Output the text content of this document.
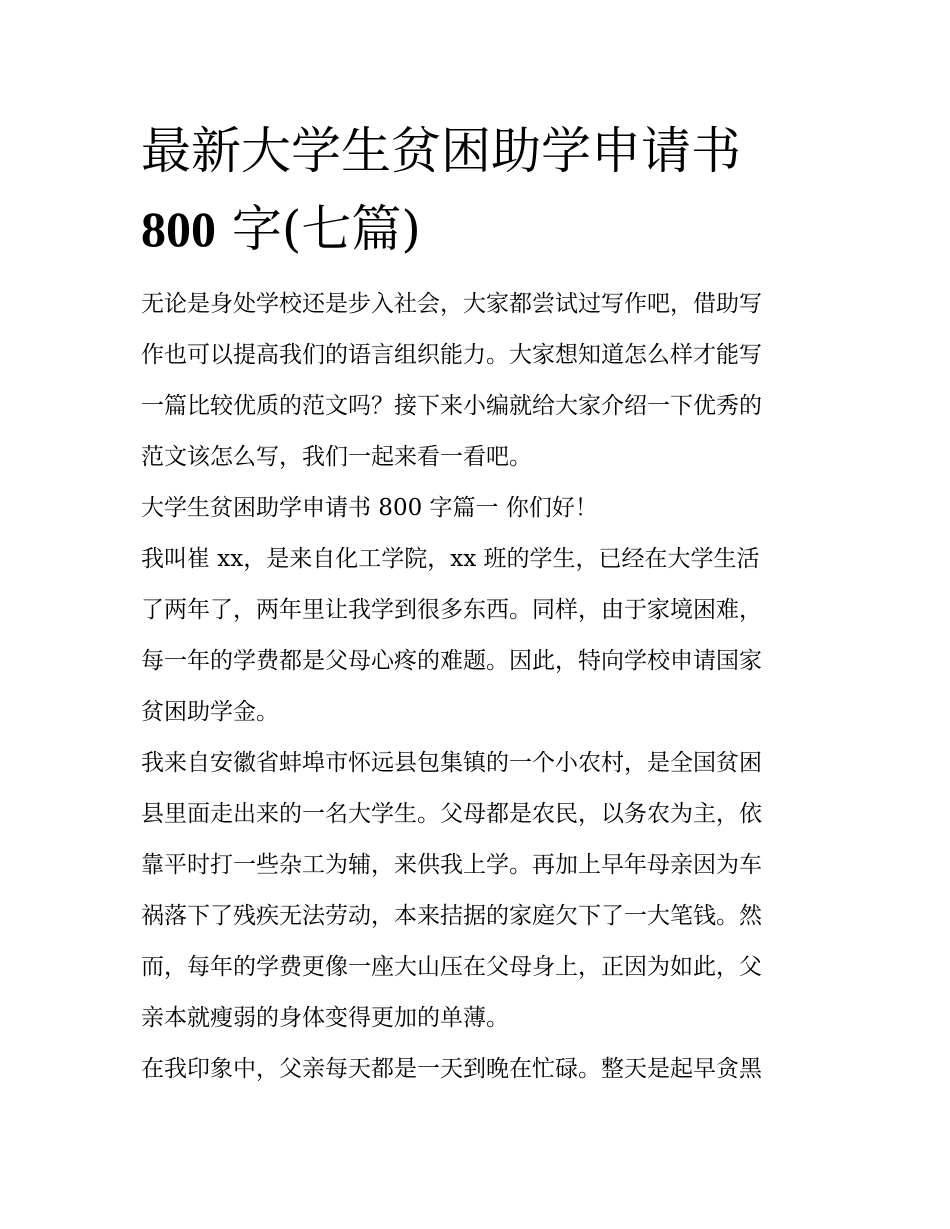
最新大学生贫困助学申请书
800 字(七篇)

无论是身处学校还是步入社会，大家都尝试过写作吧，借助写
作也可以提高我们的语言组织能力。大家想知道怎么样才能写
一篇比较优质的范文吗？接下来小编就给大家介绍一下优秀的
范文该怎么写，我们一起来看一看吧。

大学生贫困助学申请书 800 字篇一 你们好！

我叫崔 xx，是来自化工学院，xx 班的学生，已经在大学生活
了两年了，两年里让我学到很多东西。同样，由于家境困难，
每一年的学费都是父母心疼的难题。因此，特向学校申请国家
贫困助学金。

我来自安徽省蚌埠市怀远县包集镇的一个小农村，是全国贫困
县里面走出来的一名大学生。父母都是农民，以务农为主，依
靠平时打一些杂工为辅，来供我上学。再加上早年母亲因为车
祸落下了残疾无法劳动，本来拮据的家庭欠下了一大笔钱。然
而，每年的学费更像一座大山压在父母身上，正因为如此，父
亲本就瘦弱的身体变得更加的单薄。

在我印象中，父亲每天都是一天到晚在忙碌。整天是起早贪黑
